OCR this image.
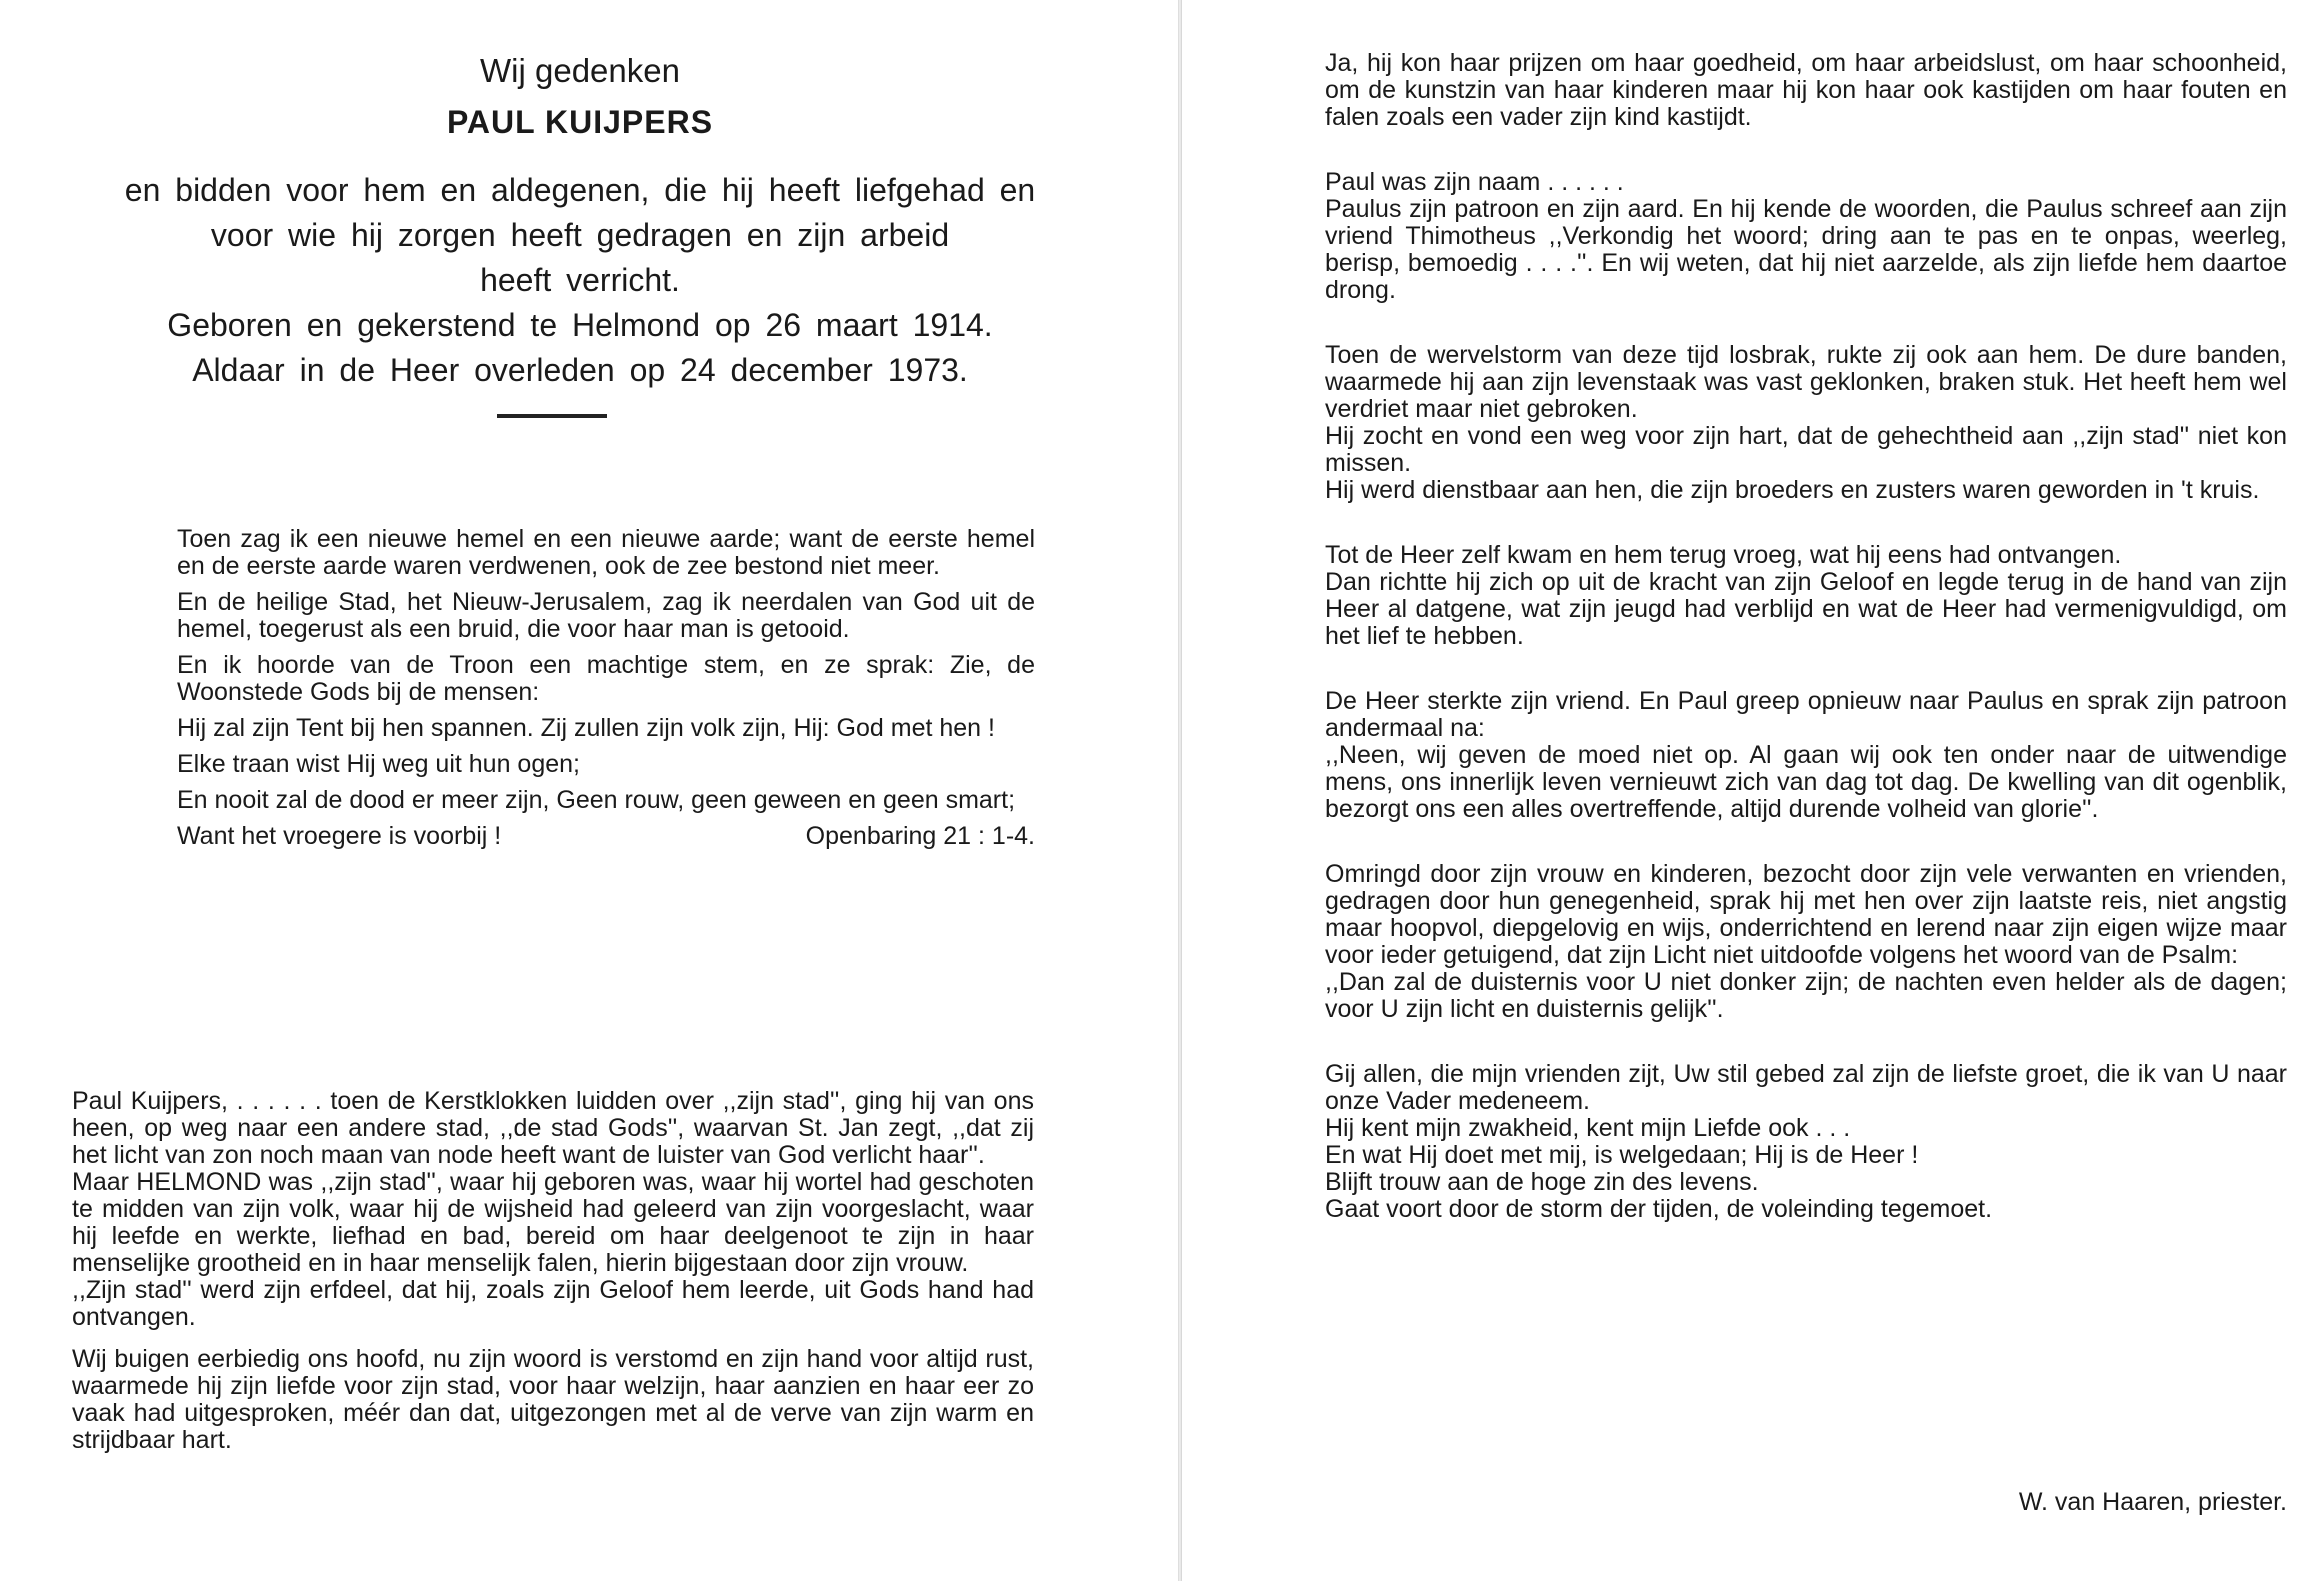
Wij gedenken
PAUL KUIJPERS
en bidden voor hem en aldegenen, die hij heeft liefgehad en
voor wie hij zorgen heeft gedragen en zijn arbeid
heeft verricht.
Geboren en gekerstend te Helmond op 26 maart 1914.
Aldaar in de Heer overleden op 24 december 1973.

Toen zag ik een nieuwe hemel en een nieuwe aarde; want de eerste hemel en de eerste aarde waren verdwenen, ook de zee bestond niet meer.

En de heilige Stad, het Nieuw-Jerusalem, zag ik neerdalen van God uit de hemel, toegerust als een bruid, die voor haar man is getooid.

En ik hoorde van de Troon een machtige stem, en ze sprak: Zie, de Woonstede Gods bij de mensen:

Hij zal zijn Tent bij hen spannen. Zij zullen zijn volk zijn, Hij: God met hen !

Elke traan wist Hij weg uit hun ogen;

En nooit zal de dood er meer zijn, Geen rouw, geen geween en geen smart;

Want het vroegere is voorbij !	Openbaring 21 : 1-4.

Paul Kuijpers, . . . . . . toen de Kerstklokken luidden over ,,zijn stad'', ging hij van ons heen, op weg naar een andere stad, ,,de stad Gods'', waarvan St. Jan zegt, ,,dat zij het licht van zon noch maan van node heeft want de luister van God verlicht haar''.

Maar HELMOND was ,,zijn stad'', waar hij geboren was, waar hij wortel had geschoten te midden van zijn volk, waar hij de wijsheid had geleerd van zijn voorgeslacht, waar hij leefde en werkte, liefhad en bad, bereid om haar deelgenoot te zijn in haar menselijke grootheid en in haar menselijk falen, hierin bijgestaan door zijn vrouw.

,,Zijn stad'' werd zijn erfdeel, dat hij, zoals zijn Geloof hem leerde, uit Gods hand had ontvangen.

Wij buigen eerbiedig ons hoofd, nu zijn woord is verstomd en zijn hand voor altijd rust, waarmede hij zijn liefde voor zijn stad, voor haar welzijn, haar aanzien en haar eer zo vaak had uitgesproken, méér dan dat, uitgezongen met al de verve van zijn warm en strijdbaar hart.

Ja, hij kon haar prijzen om haar goedheid, om haar arbeidslust, om haar schoonheid, om de kunstzin van haar kinderen maar hij kon haar ook kastijden om haar fouten en falen zoals een vader zijn kind kastijdt.

Paul was zijn naam . . . . . .
Paulus zijn patroon en zijn aard. En hij kende de woorden, die Paulus schreef aan zijn vriend Thimotheus ,,Verkondig het woord; dring aan te pas en te onpas, weerleg, berisp, bemoedig . . . .''. En wij weten, dat hij niet aarzelde, als zijn liefde hem daartoe drong.

Toen de wervelstorm van deze tijd losbrak, rukte zij ook aan hem. De dure banden, waarmede hij aan zijn levenstaak was vast geklonken, braken stuk. Het heeft hem wel verdriet maar niet gebroken.
Hij zocht en vond een weg voor zijn hart, dat de gehechtheid aan ,,zijn stad'' niet kon missen.
Hij werd dienstbaar aan hen, die zijn broeders en zusters waren geworden in 't kruis.

Tot de Heer zelf kwam en hem terug vroeg, wat hij eens had ontvangen.
Dan richtte hij zich op uit de kracht van zijn Geloof en legde terug in de hand van zijn Heer al datgene, wat zijn jeugd had verblijd en wat de Heer had vermenigvuldigd, om het lief te hebben.

De Heer sterkte zijn vriend. En Paul greep opnieuw naar Paulus en sprak zijn patroon andermaal na:
,,Neen, wij geven de moed niet op. Al gaan wij ook ten onder naar de uitwendige mens, ons innerlijk leven vernieuwt zich van dag tot dag. De kwelling van dit ogenblik, bezorgt ons een alles overtreffende, altijd durende volheid van glorie''.

Omringd door zijn vrouw en kinderen, bezocht door zijn vele verwanten en vrienden, gedragen door hun genegenheid, sprak hij met hen over zijn laatste reis, niet angstig maar hoopvol, diepgelovig en wijs, onderrichtend en lerend naar zijn eigen wijze maar voor ieder getuigend, dat zijn Licht niet uitdoofde volgens het woord van de Psalm:
,,Dan zal de duisternis voor U niet donker zijn; de nachten even helder als de dagen; voor U zijn licht en duisternis gelijk''.

Gij allen, die mijn vrienden zijt, Uw stil gebed zal zijn de liefste groet, die ik van U naar onze Vader medeneem.
Hij kent mijn zwakheid, kent mijn Liefde ook . . .
En wat Hij doet met mij, is welgedaan; Hij is de Heer !
Blijft trouw aan de hoge zin des levens.
Gaat voort door de storm der tijden, de voleinding tegemoet.

W. van Haaren, priester.
